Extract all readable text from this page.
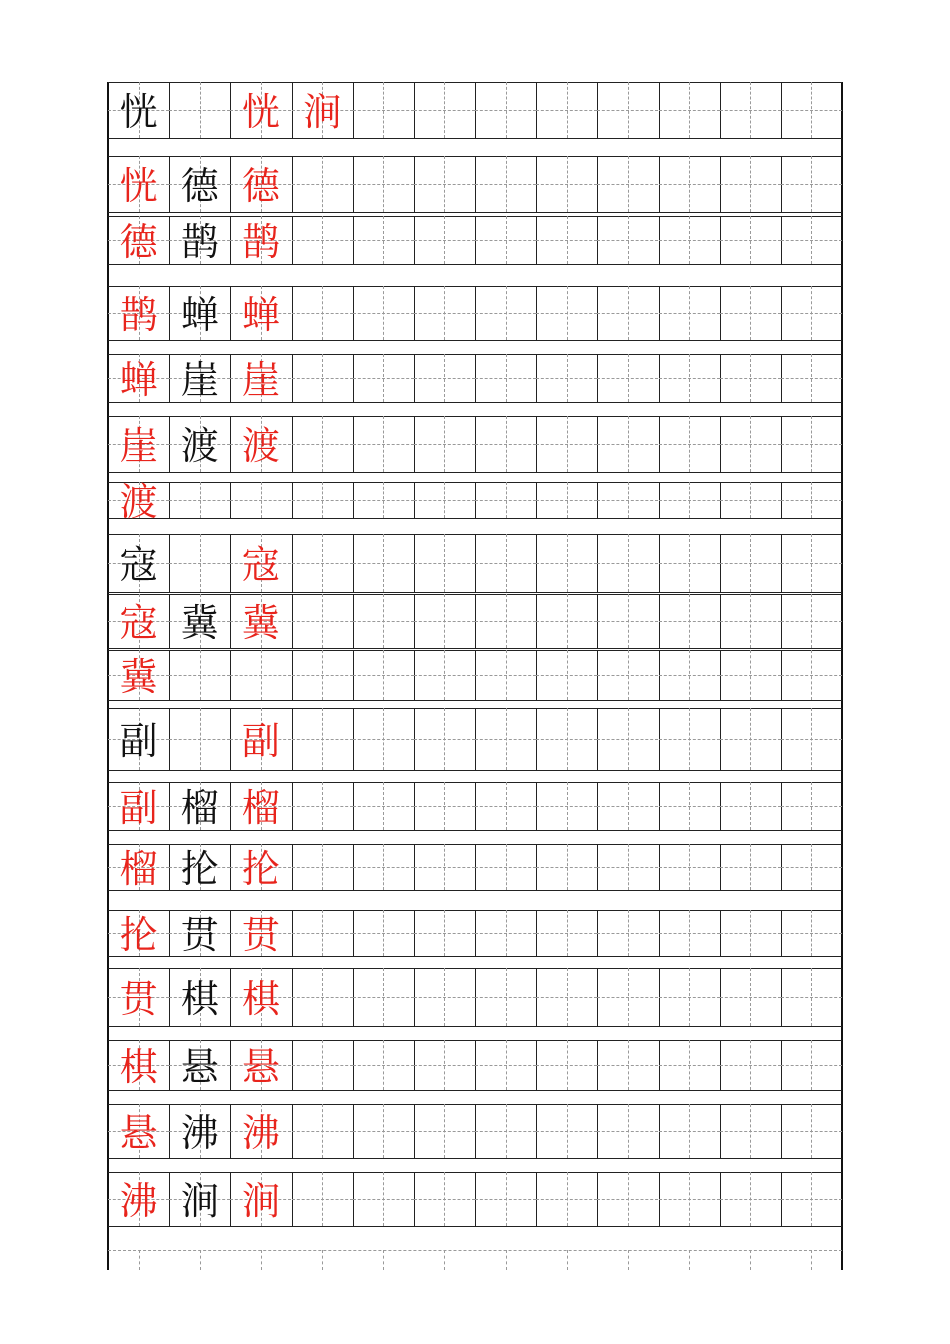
恍	恍 涧
恍 德 德
德 鹊 鹊
鹊 蝉 蝉
蝉 崖 崖
崖 渡 渡
渡
寇	寇
寇 冀 冀
冀
副	副
副 榴 榴
榴 抡 抡
抡 贯 贯
贯 棋 棋
棋 悬 悬
悬 沸 沸
沸 涧 涧
